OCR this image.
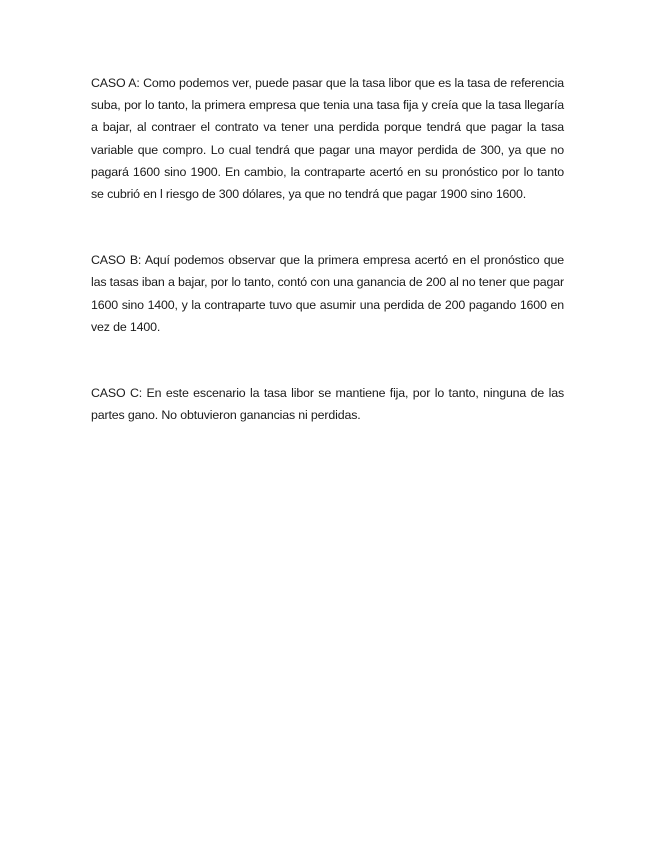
CASO A: Como podemos ver, puede pasar que la tasa libor que es la tasa de referencia suba, por lo tanto, la primera empresa que tenia una tasa fija y creía que la tasa llegaría a bajar, al contraer el contrato va tener una perdida porque tendrá que pagar la tasa variable que compro. Lo cual tendrá que pagar una mayor perdida de 300, ya que no pagará 1600 sino 1900. En cambio, la contraparte acertó en su pronóstico por lo tanto se cubrió en l riesgo de 300 dólares, ya que no tendrá que pagar 1900 sino 1600.

CASO B: Aquí podemos observar que la primera empresa acertó en el pronóstico que las tasas iban a bajar, por lo tanto, contó con una ganancia de 200 al no tener que pagar 1600 sino 1400, y la contraparte tuvo que asumir una perdida de 200 pagando 1600 en vez de 1400.

CASO C: En este escenario la tasa libor se mantiene fija, por lo tanto, ninguna de las partes gano. No obtuvieron ganancias ni perdidas.
